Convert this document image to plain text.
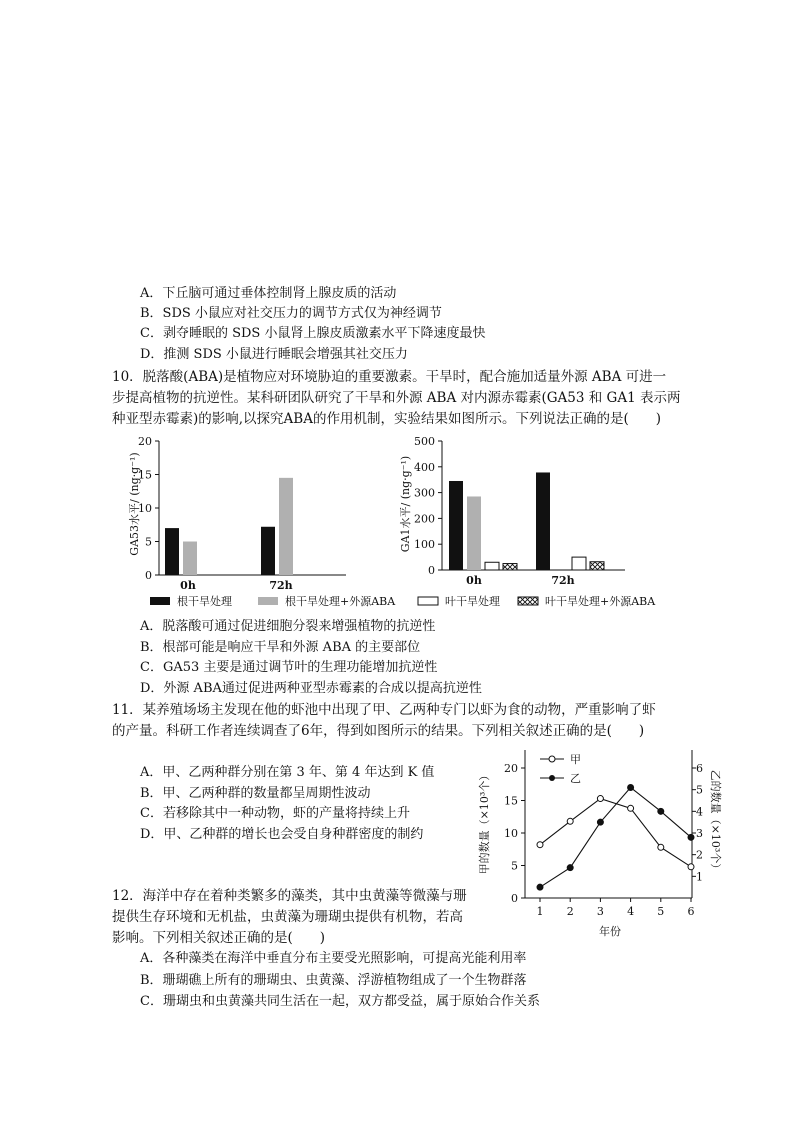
A．下丘脑可通过垂体控制肾上腺皮质的活动
B．SDS 小鼠应对社交压力的调节方式仅为神经调节
C．剥夺睡眠的 SDS 小鼠肾上腺皮质激素水平下降速度最快
D．推测 SDS 小鼠进行睡眠会增强其社交压力
10．脱落酸(ABA)是植物应对环境胁迫的重要激素。干旱时，配合施加适量外源 ABA 可进一
步提高植物的抗逆性。某科研团队研究了干旱和外源 ABA 对内源赤霉素(GA53 和 GA1 表示两
种亚型赤霉素)的影响,以探究ABA的作用机制，实验结果如图所示。下列说法正确的是(　　)
GA53水平/ (ng·g⁻¹)
0
5
10
15
20
0h	72h
GA1水平/ (ng·g⁻¹)
0
100
200
300
400
500
0h	72h
根干旱处理	根干旱处理+外源ABA	叶干旱处理	叶干旱处理+外源ABA
A．脱落酸可通过促进细胞分裂来增强植物的抗逆性
B．根部可能是响应干旱和外源 ABA 的主要部位
C．GA53 主要是通过调节叶的生理功能增加抗逆性
D．外源 ABA通过促进两种亚型赤霉素的合成以提高抗逆性
11．某养殖场场主发现在他的虾池中出现了甲、乙两种专门以虾为食的动物，严重影响了虾
的产量。科研工作者连续调查了6年，得到如图所示的结果。下列相关叙述正确的是(　　)
A．甲、乙两种群分别在第 3 年、第 4 年达到 K 值
B．甲、乙两种群的数量都呈周期性波动
C．若移除其中一种动物，虾的产量将持续上升
D．甲、乙种群的增长也会受自身种群密度的制约	甲的数量（×10³个）	乙的数量（×10³个）
0
5
10
15
20
1
2
3
4
5
6
1 2 3 4 5 6
年份
甲
乙
12．海洋中存在着种类繁多的藻类，其中虫黄藻等微藻与珊
提供生存环境和无机盐，虫黄藻为珊瑚虫提供有机物，若高
影响。下列相关叙述正确的是(　　)
A．各种藻类在海洋中垂直分布主要受光照影响，可提高光能利用率
B．珊瑚礁上所有的珊瑚虫、虫黄藻、浮游植物组成了一个生物群落
C．珊瑚虫和虫黄藻共同生活在一起，双方都受益，属于原始合作关系
